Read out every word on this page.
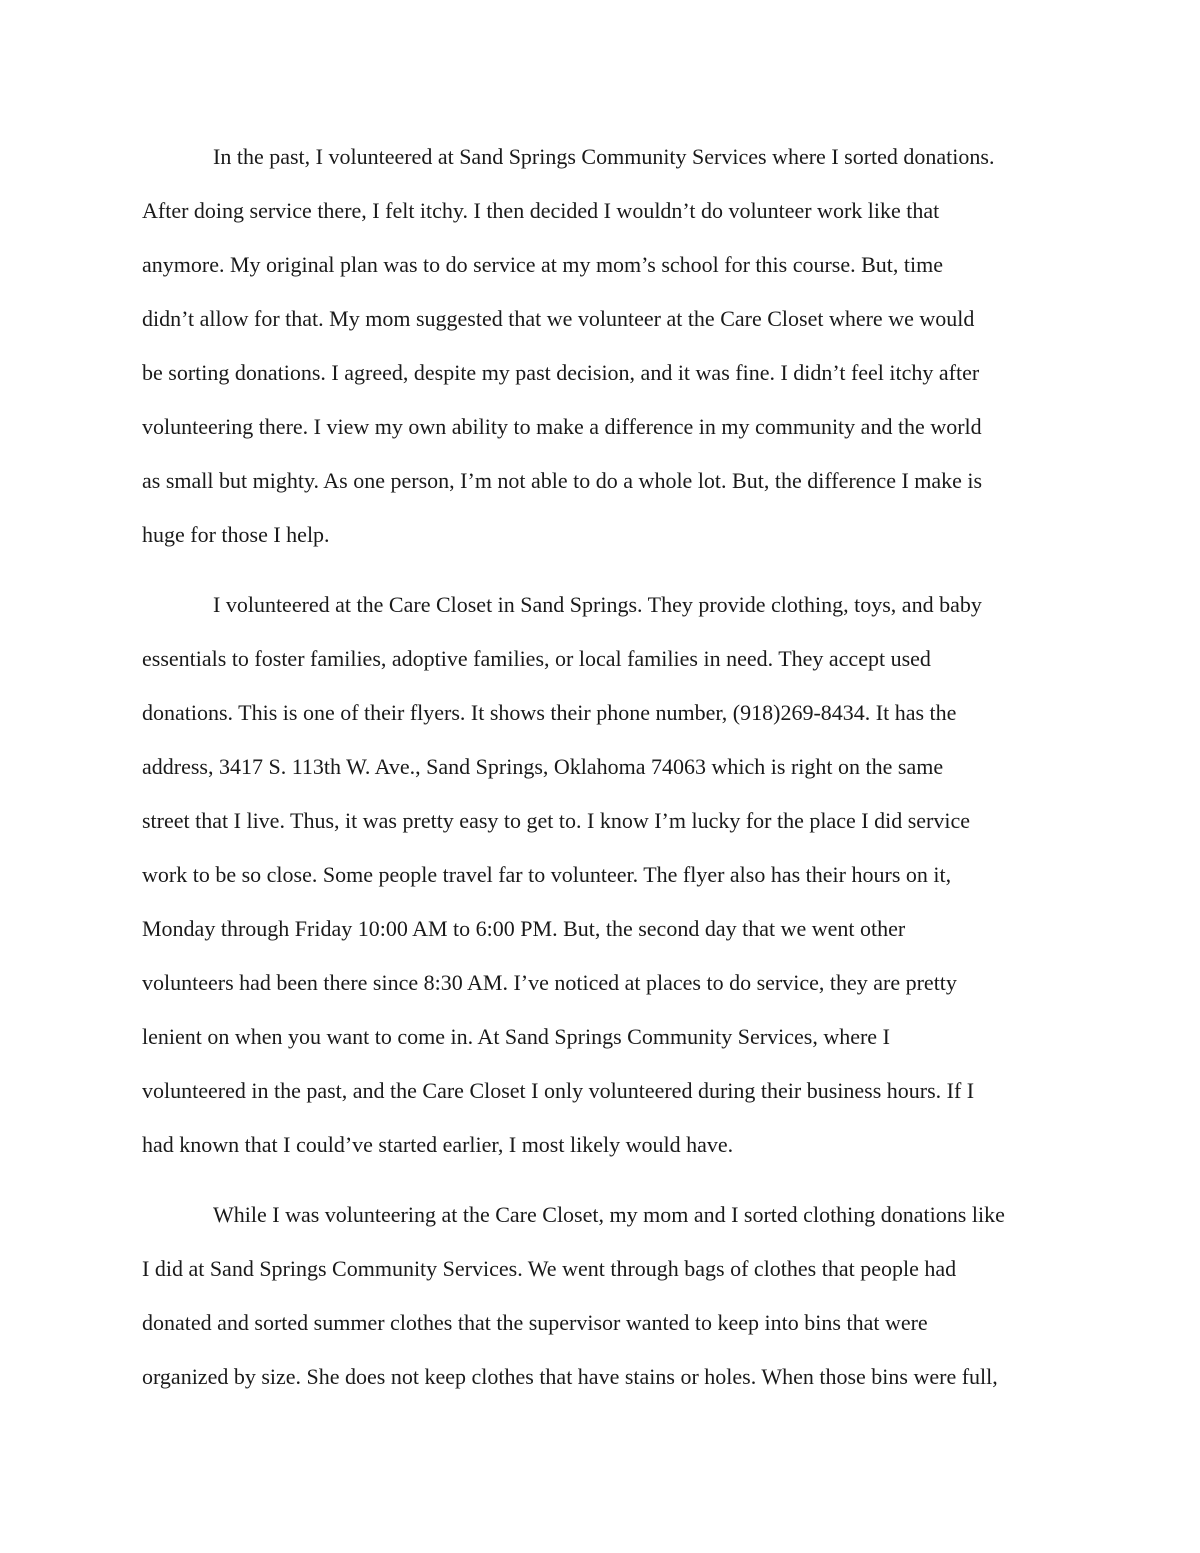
In the past, I volunteered at Sand Springs Community Services where I sorted donations.
After doing service there, I felt itchy. I then decided I wouldn’t do volunteer work like that
anymore. My original plan was to do service at my mom’s school for this course. But, time
didn’t allow for that. My mom suggested that we volunteer at the Care Closet where we would
be sorting donations. I agreed, despite my past decision, and it was fine. I didn’t feel itchy after
volunteering there. I view my own ability to make a difference in my community and the world
as small but mighty. As one person, I’m not able to do a whole lot. But, the difference I make is
huge for those I help.
I volunteered at the Care Closet in Sand Springs. They provide clothing, toys, and baby
essentials to foster families, adoptive families, or local families in need. They accept used
donations. This is one of their flyers. It shows their phone number, (918)269-8434. It has the
address, 3417 S. 113th W. Ave., Sand Springs, Oklahoma 74063 which is right on the same
street that I live. Thus, it was pretty easy to get to. I know I’m lucky for the place I did service
work to be so close. Some people travel far to volunteer. The flyer also has their hours on it,
Monday through Friday 10:00 AM to 6:00 PM. But, the second day that we went other
volunteers had been there since 8:30 AM. I’ve noticed at places to do service, they are pretty
lenient on when you want to come in. At Sand Springs Community Services, where I
volunteered in the past, and the Care Closet I only volunteered during their business hours. If I
had known that I could’ve started earlier, I most likely would have.
While I was volunteering at the Care Closet, my mom and I sorted clothing donations like
I did at Sand Springs Community Services. We went through bags of clothes that people had
donated and sorted summer clothes that the supervisor wanted to keep into bins that were
organized by size. She does not keep clothes that have stains or holes. When those bins were full,
